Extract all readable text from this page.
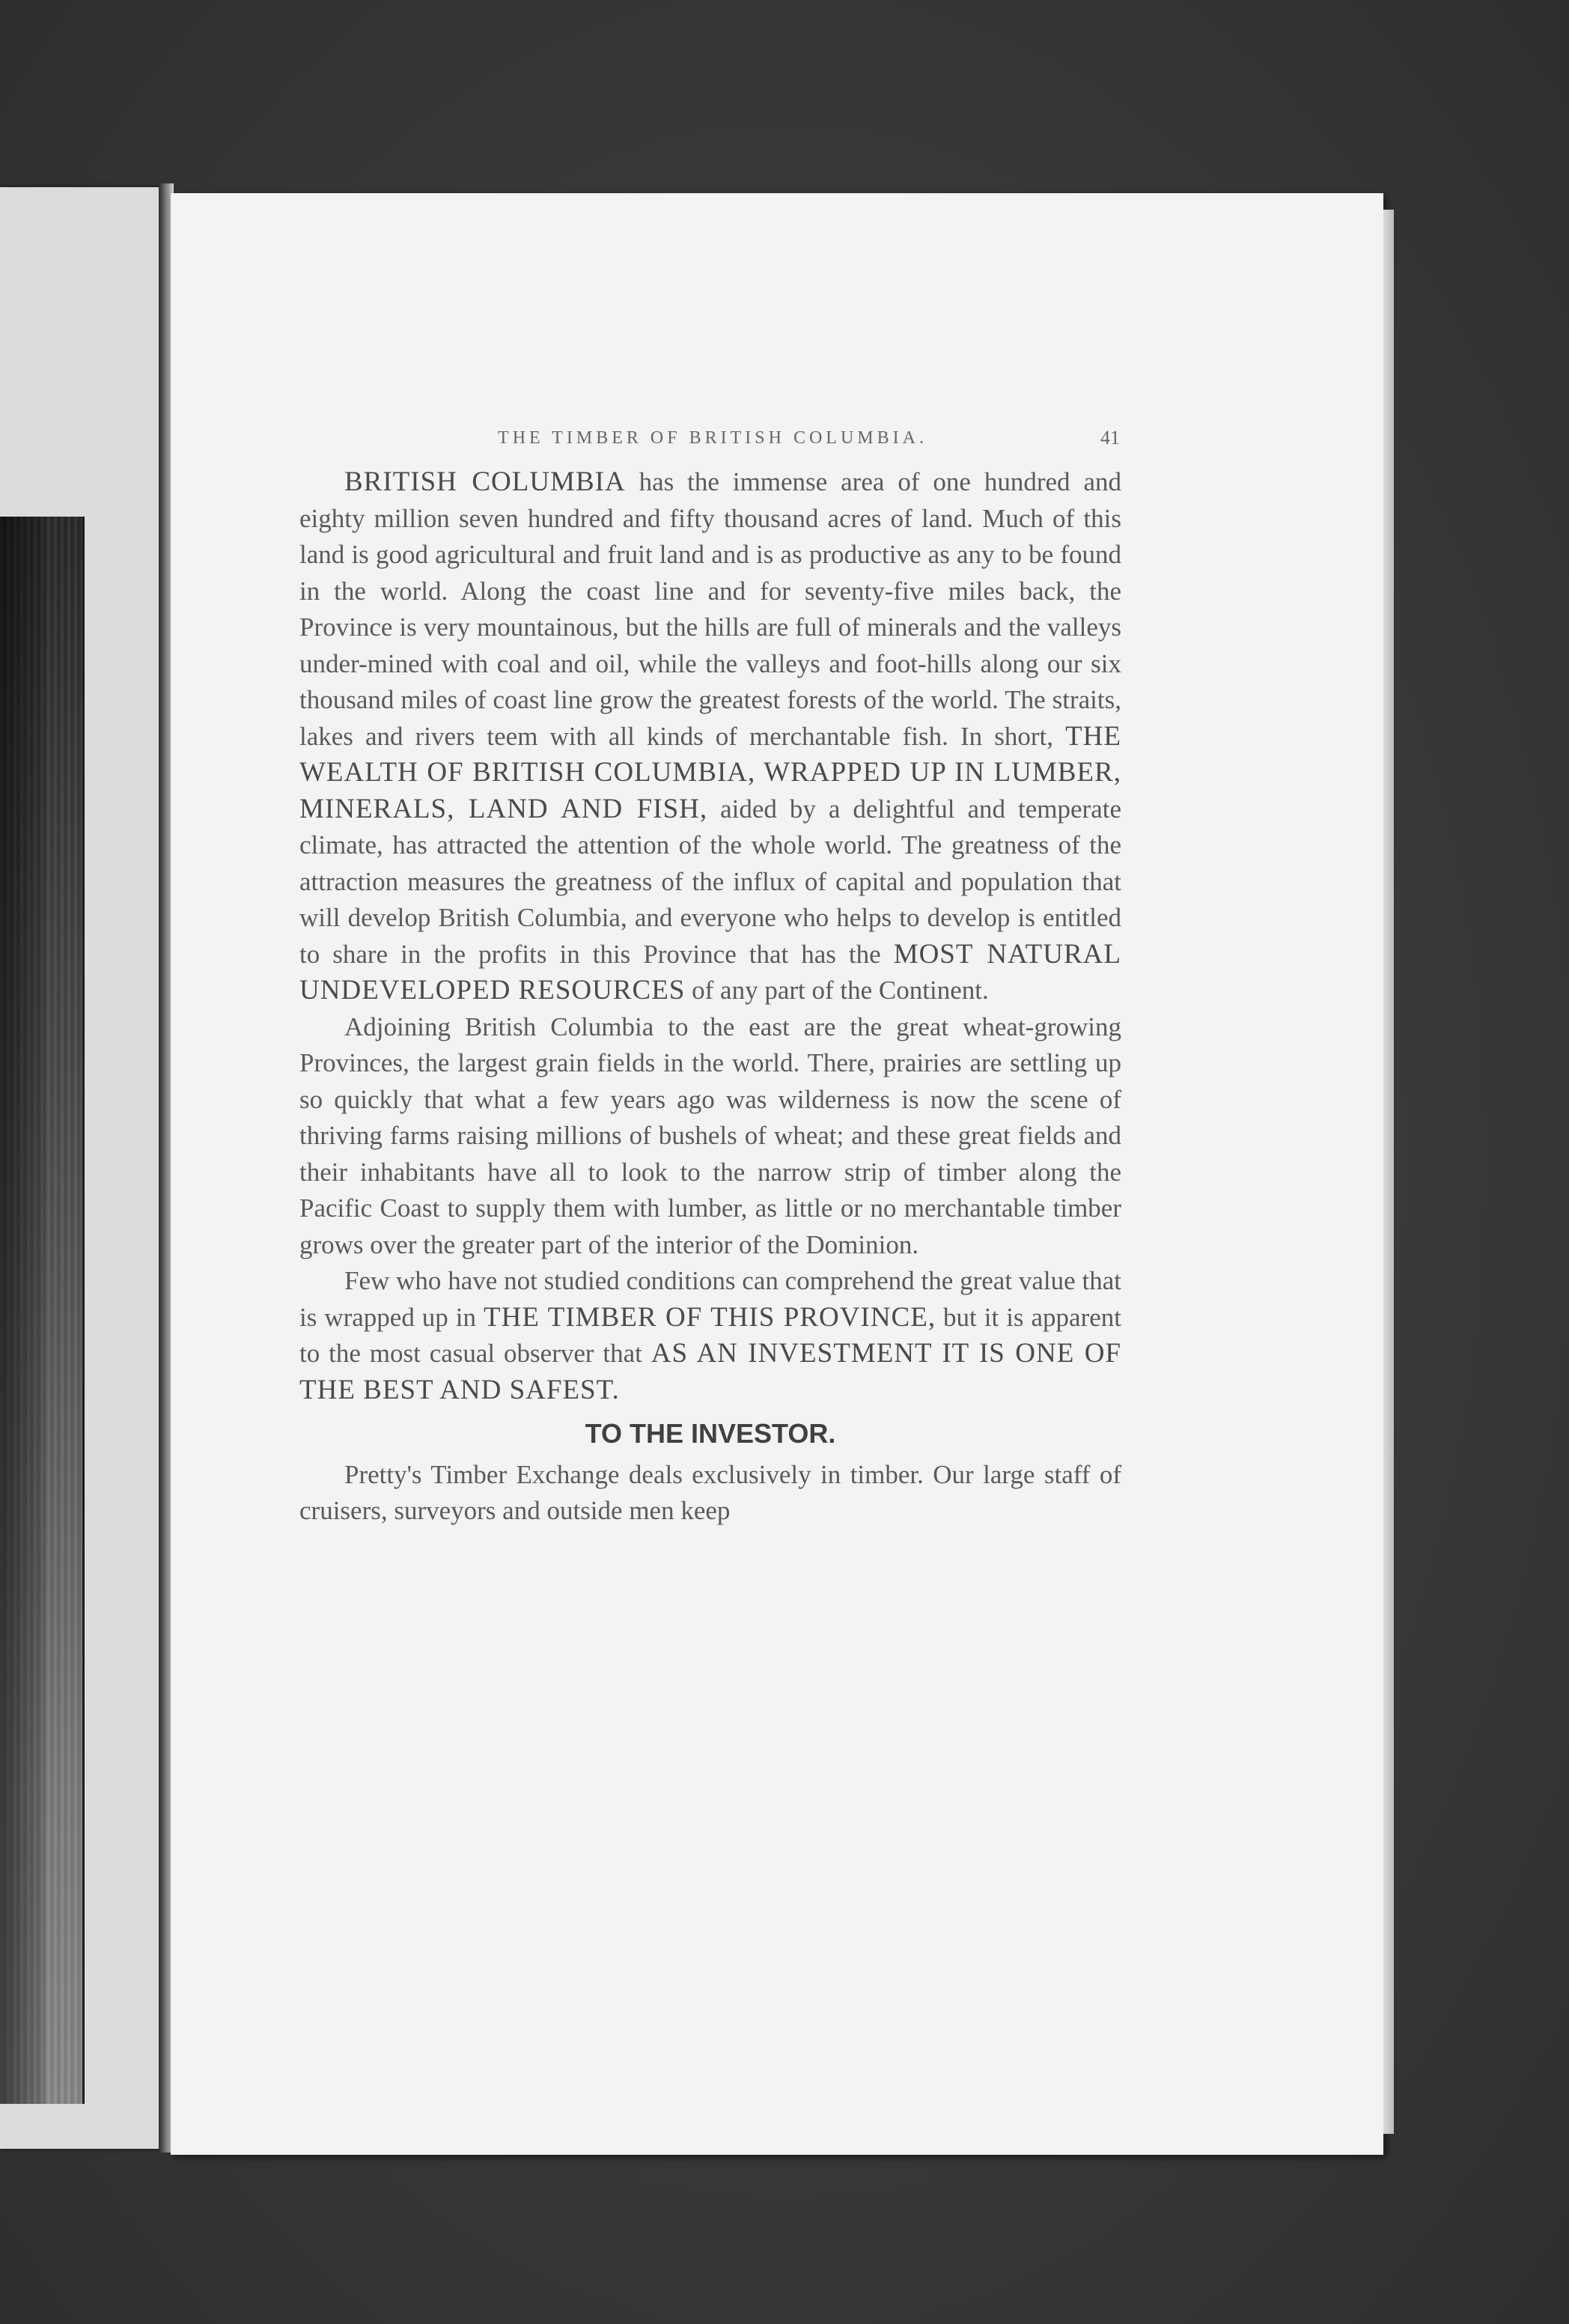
THE TIMBER OF BRITISH COLUMBIA.	41

BRITISH COLUMBIA has the immense area of one hundred and eighty million seven hundred and fifty thousand acres of land. Much of this land is good agricultural and fruit land and is as productive as any to be found in the world. Along the coast line and for seventy-five miles back, the Province is very mountainous, but the hills are full of minerals and the valleys under-mined with coal and oil, while the valleys and foot-hills along our six thousand miles of coast line grow the greatest forests of the world. The straits, lakes and rivers teem with all kinds of merchantable fish. In short, THE WEALTH OF BRITISH COLUMBIA, WRAPPED UP IN LUMBER, MINERALS, LAND AND FISH, aided by a delightful and temperate climate, has attracted the attention of the whole world. The greatness of the attraction measures the greatness of the influx of capital and population that will develop British Columbia, and everyone who helps to develop is entitled to share in the profits in this Province that has the MOST NATURAL UNDEVELOPED RESOURCES of any part of the Continent.

Adjoining British Columbia to the east are the great wheat-growing Provinces, the largest grain fields in the world. There, prairies are settling up so quickly that what a few years ago was wilderness is now the scene of thriving farms raising millions of bushels of wheat; and these great fields and their inhabitants have all to look to the narrow strip of timber along the Pacific Coast to supply them with lumber, as little or no merchantable timber grows over the greater part of the interior of the Dominion.

Few who have not studied conditions can comprehend the great value that is wrapped up in THE TIMBER OF THIS PROVINCE, but it is apparent to the most casual observer that AS AN INVESTMENT IT IS ONE OF THE BEST AND SAFEST.

TO THE INVESTOR.

Pretty's Timber Exchange deals exclusively in timber. Our large staff of cruisers, surveyors and outside men keep
